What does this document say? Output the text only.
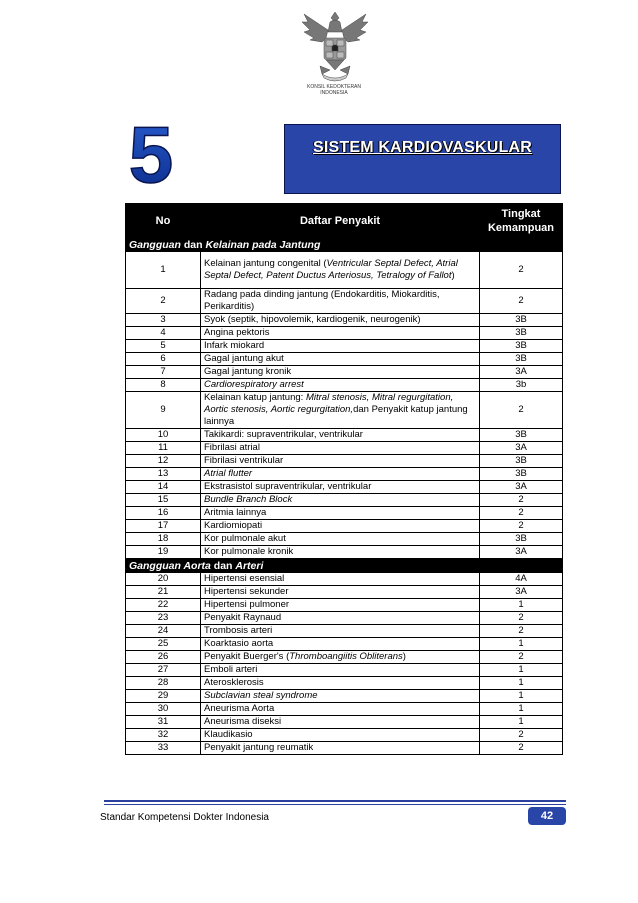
KONSIL KEDOKTERAN
INDONESIA
5	SISTEM KARDIOVASKULAR
No	Daftar Penyakit	Tingkat
Kemampuan

Gangguan dan Kelainan pada Jantung		
1	Kelainan jantung congenital (Ventricular Septal Defect, Atrial Septal Defect, Patent Ductus Arteriosus, Tetralogy of Fallot)	2
2	Radang pada dinding jantung (Endokarditis, Miokarditis, Perikarditis)	2
3	Syok (septik, hipovolemik, kardiogenik, neurogenik)	3B
4	Angina pektoris	3B
5	Infark miokard	3B
6	Gagal jantung akut	3B
7	Gagal jantung kronik	3A
8	Cardiorespiratory arrest	3b
9	Kelainan katup jantung: Mitral stenosis, Mitral regurgitation, Aortic stenosis, Aortic regurgitation,dan Penyakit katup jantung lainnya	2
10	Takikardi: supraventrikular, ventrikular	3B
11	Fibrilasi atrial	3A
12	Fibrilasi ventrikular	3B
13	Atrial flutter	3B
14	Ekstrasistol supraventrikular, ventrikular	3A
15	Bundle Branch Block	2
16	Aritmia lainnya	2
17	Kardiomiopati	2
18	Kor pulmonale akut	3B
19	Kor pulmonale kronik	3A
Gangguan Aorta dan Arteri		
20	Hipertensi esensial	4A
21	Hipertensi sekunder	3A
22	Hipertensi pulmoner	1
23	Penyakit Raynaud	2
24	Trombosis arteri	2
25	Koarktasio aorta	1
26	Penyakit Buerger's (Thromboangiitis Obliterans)	2
27	Emboli arteri	1
28	Aterosklerosis	1
29	Subclavian steal syndrome	1
30	Aneurisma Aorta	1
31	Aneurisma diseksi	1
32	Klaudikasio	2
33	Penyakit jantung reumatik	2
Standar Kompetensi Dokter Indonesia	42
